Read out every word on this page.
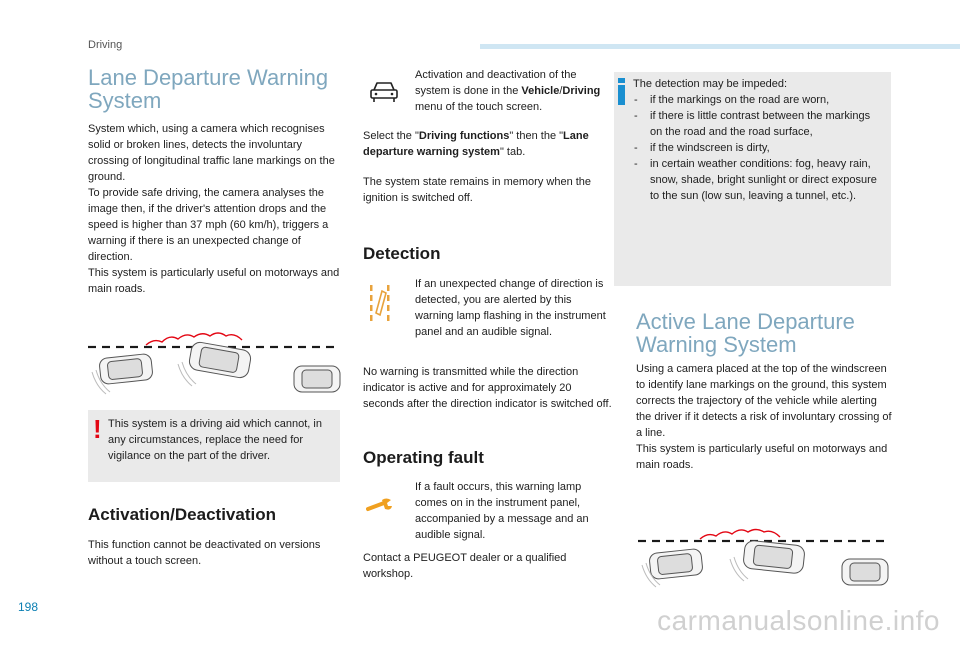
Driving
Lane Departure Warning
System

System which, using a camera which recognises solid or broken lines, detects the involuntary crossing of longitudinal traffic lane markings on the ground.

To provide safe driving, the camera analyses the image then, if the driver's attention drops and the speed is higher than 37 mph (60 km/h), triggers a warning if there is an unexpected change of direction.

This system is particularly useful on motorways and main roads.

! This system is a driving aid which cannot, in any circumstances, replace the need for vigilance on the part of the driver.
Activation/Deactivation
This function cannot be deactivated on versions without a touch screen.
Activation and deactivation of the system is done in the Vehicle/Driving menu of the touch screen.
Select the "Driving functions" then the "Lane departure warning system" tab.
The system state remains in memory when the ignition is switched off.
Detection
If an unexpected change of direction is detected, you are alerted by this warning lamp flashing in the instrument panel and an audible signal.
No warning is transmitted while the direction indicator is active and for approximately 20 seconds after the direction indicator is switched off.
Operating fault
If a fault occurs, this warning lamp comes on in the instrument panel, accompanied by a message and an audible signal.
Contact a PEUGEOT dealer or a qualified workshop.
The detection may be impeded:
- if the markings on the road are worn,
- if there is little contrast between the markings on the road and the road surface,
- if the windscreen is dirty,
- in certain weather conditions: fog, heavy rain, snow, shade, bright sunlight or direct exposure to the sun (low sun, leaving a tunnel, etc.).
Active Lane Departure
Warning System

Using a camera placed at the top of the windscreen to identify lane markings on the ground, this system corrects the trajectory of the vehicle while alerting the driver if it detects a risk of involuntary crossing of a line.

This system is particularly useful on motorways and main roads.

198	carmanualsonline.info
